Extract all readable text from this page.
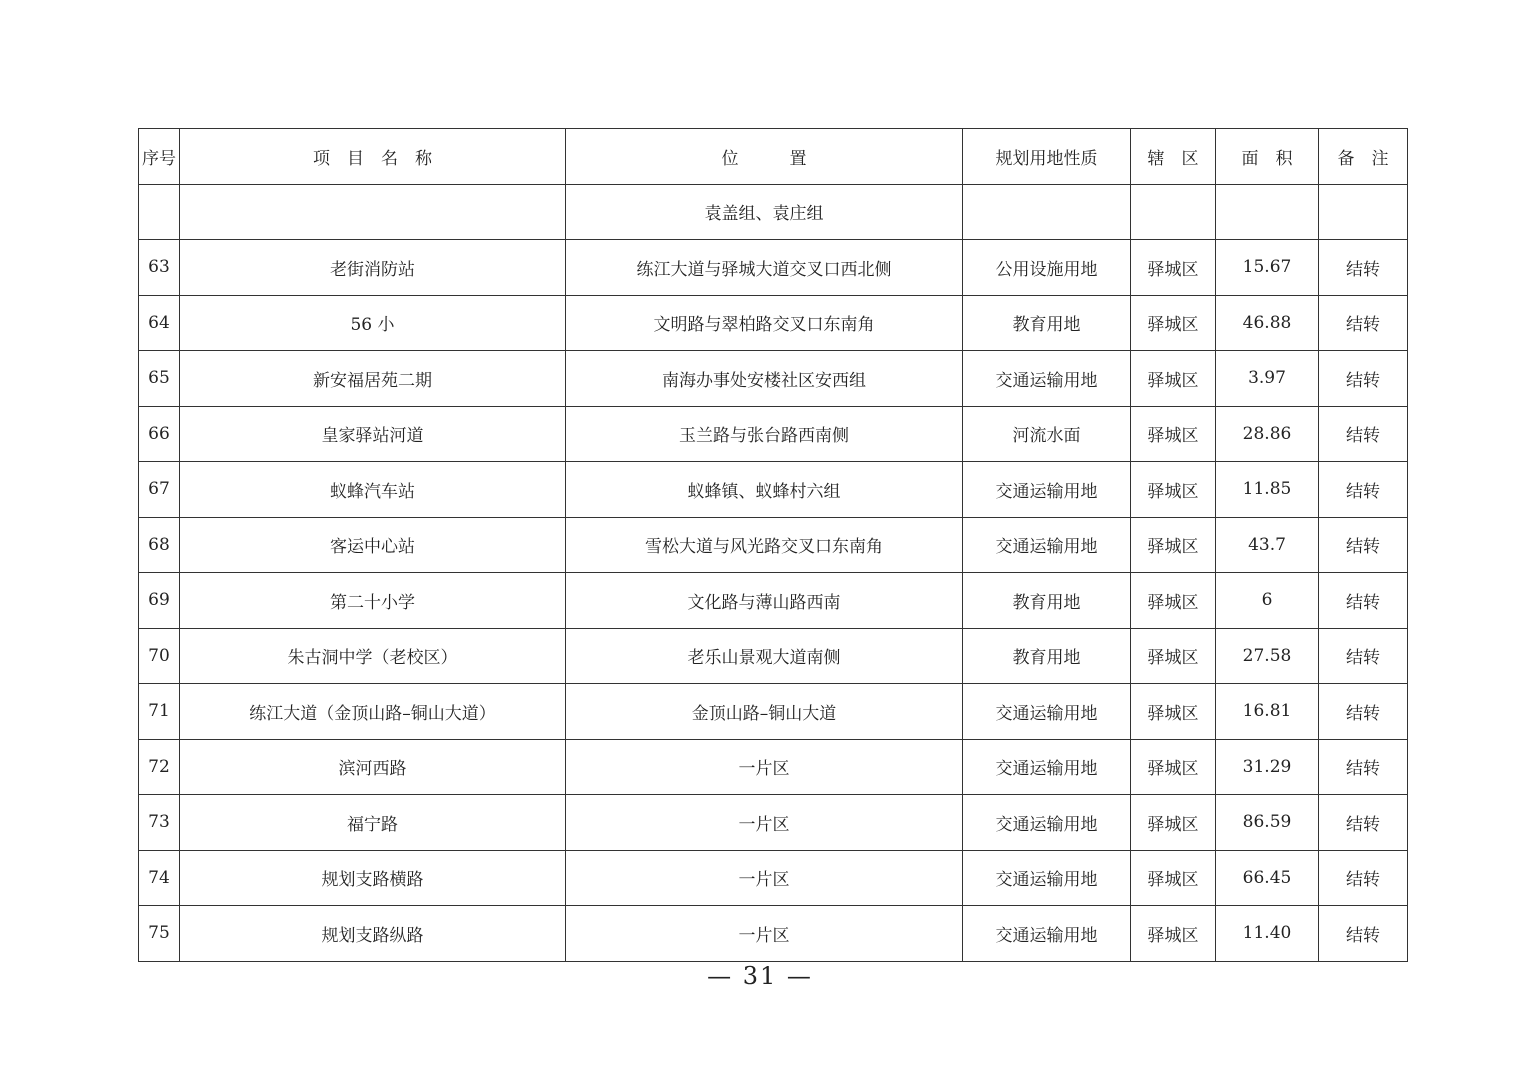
序号	项　目　名　称	位　　　置	规划用地性质	辖　区	面　积	备　注
		袁盖组、袁庄组				
63	老街消防站	练江大道与驿城大道交叉口西北侧	公用设施用地	驿城区	15.67	结转
64	56 小	文明路与翠柏路交叉口东南角	教育用地	驿城区	46.88	结转
65	新安福居苑二期	南海办事处安楼社区安西组	交通运输用地	驿城区	3.97	结转
66	皇家驿站河道	玉兰路与张台路西南侧	河流水面	驿城区	28.86	结转
67	蚁蜂汽车站	蚁蜂镇、蚁蜂村六组	交通运输用地	驿城区	11.85	结转
68	客运中心站	雪松大道与风光路交叉口东南角	交通运输用地	驿城区	43.7	结转
69	第二十小学	文化路与薄山路西南	教育用地	驿城区	6	结转
70	朱古洞中学（老校区）	老乐山景观大道南侧	教育用地	驿城区	27.58	结转
71	练江大道（金顶山路–铜山大道）	金顶山路–铜山大道	交通运输用地	驿城区	16.81	结转
72	滨河西路	一片区	交通运输用地	驿城区	31.29	结转
73	福宁路	一片区	交通运输用地	驿城区	86.59	结转
74	规划支路横路	一片区	交通运输用地	驿城区	66.45	结转
75	规划支路纵路	一片区	交通运输用地	驿城区	11.40	结转
— 31 —
